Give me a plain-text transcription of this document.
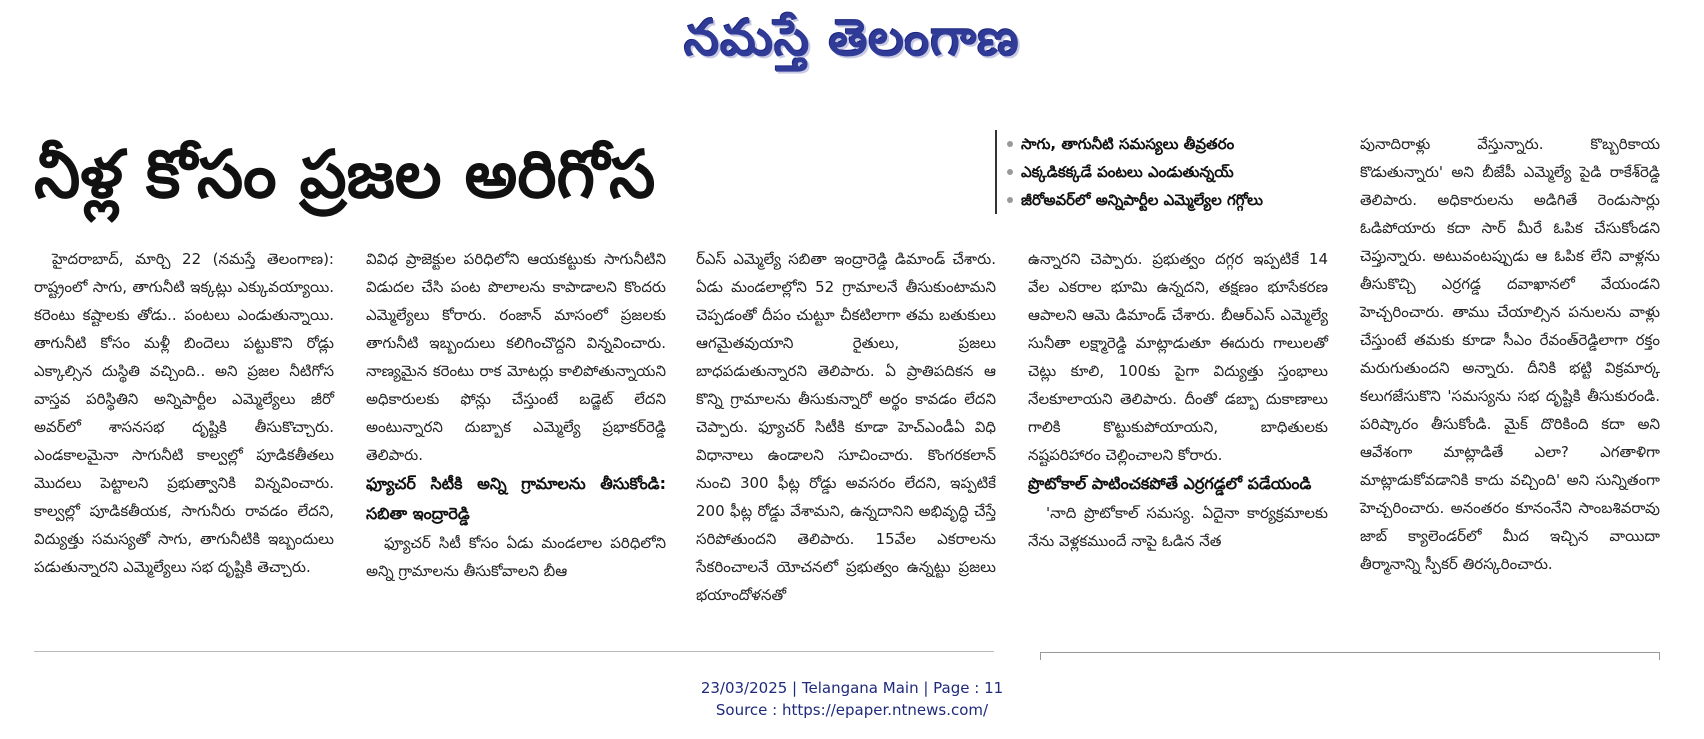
నమస్తే తెలంగాణ
నీళ్ల కోసం ప్రజల అరిగోస	సాగు, తాగునీటి సమస్యలు తీవ్రతరం
ఎక్కడికక్కడే పంటలు ఎండుతున్నయ్
జీరోఅవర్‌లో అన్నిపార్టీల ఎమ్మెల్యేల గగ్గోలు

హైదరాబాద్, మార్చి 22 (నమస్తే తెలంగాణ): రాష్ట్రంలో సాగు, తాగునీటి ఇక్కట్లు ఎక్కువయ్యాయి. కరెంటు కష్టాలకు తోడు.. పంటలు ఎండుతున్నాయి. తాగునీటి కోసం మళ్లీ బిందెలు పట్టుకొని రోడ్లు ఎక్కాల్సిన దుస్థితి వచ్చింది.. అని ప్రజల నీటిగోస వాస్తవ పరిస్థితిని అన్నిపార్టీల ఎమ్మెల్యేలు జీరో అవర్‌లో శాసనసభ దృష్టికి తీసుకొచ్చారు. ఎండకాలమైనా సాగునీటి కాల్వల్లో పూడికతీతలు మొదలు పెట్టాలని ప్రభుత్వానికి విన్నవించారు. కాల్వల్లో పూడికతీయక, సాగునీరు రావడం లేదని, విద్యుత్తు సమస్యతో సాగు, తాగునీటికి ఇబ్బందులు పడుతున్నారని ఎమ్మెల్యేలు సభ దృష్టికి తెచ్చారు.

వివిధ ప్రాజెక్టుల పరిధిలోని ఆయకట్టుకు సాగునీటిని విడుదల చేసి పంట పొలాలను కాపాడాలని కొందరు ఎమ్మెల్యేలు కోరారు. రంజాన్ మాసంలో ప్రజలకు తాగునీటి ఇబ్బందులు కలిగించొద్దని విన్నవించారు. నాణ్యమైన కరెంటు రాక మోటర్లు కాలిపోతున్నాయని అధికారులకు ఫోన్లు చేస్తుంటే బడ్జెట్ లేదని అంటున్నారని దుబ్బాక ఎమ్మెల్యే ప్రభాకర్‌రెడ్డి తెలిపారు.

ఫ్యూచర్ సిటీకి అన్ని గ్రామాలను తీసుకోండి: సబితా ఇంద్రారెడ్డి

ఫ్యూచర్ సిటీ కోసం ఏడు మండలాల పరిధిలోని అన్ని గ్రామాలను తీసుకోవాలని బీఆ

ర్‌ఎస్ ఎమ్మెల్యే సబితా ఇంద్రారెడ్డి డిమాండ్ చేశారు. ఏడు మండలాల్లోని 52 గ్రామాలనే తీసుకుంటామని చెప్పడంతో దీపం చుట్టూ చీకటిలాగా తమ బతుకులు ఆగమైతవుయాని రైతులు, ప్రజలు బాధపడుతున్నారని తెలిపారు. ఏ ప్రాతిపదికన ఆ కొన్ని గ్రామాలను తీసుకున్నారో అర్థం కావడం లేదని చెప్పారు. ఫ్యూచర్ సిటీకి కూడా హెచ్‌ఎండీఏ విధి విధానాలు ఉండాలని సూచించారు. కొంగరకలాన్ నుంచి 300 ఫీట్ల రోడ్డు అవసరం లేదని, ఇప్పటికే 200 ఫీట్ల రోడ్డు వేశామని, ఉన్నదానిని అభివృద్ధి చేస్తే సరిపోతుందని తెలిపారు. 15వేల ఎకరాలను సేకరించాలనే యోచనలో ప్రభుత్వం ఉన్నట్టు ప్రజలు భయాందోళనతో

ఉన్నారని చెప్పారు. ప్రభుత్వం దగ్గర ఇప్పటికే 14 వేల ఎకరాల భూమి ఉన్నదని, తక్షణం భూసేకరణ ఆపాలని ఆమె డిమాండ్ చేశారు. బీఆర్‌ఎస్ ఎమ్మెల్యే సునీతా లక్ష్మారెడ్డి మాట్లాడుతూ ఈదురు గాలులతో చెట్లు కూలి, 100కు పైగా విద్యుత్తు స్తంభాలు నేలకూలాయని తెలిపారు. దీంతో డబ్బా దుకాణాలు గాలికి కొట్టుకుపోయాయని, బాధితులకు నష్టపరిహారం చెల్లించాలని కోరారు.

ప్రొటోకాల్ పాటించకపోతే ఎర్రగడ్డలో పడేయండి

'నాది ప్రొటోకాల్ సమస్య. ఏదైనా కార్యక్రమాలకు నేను వెళ్లకముందే నాపై ఓడిన నేత

పునాదిరాళ్లు వేస్తున్నారు. కొబ్బరికాయ కొడుతున్నారు' అని బీజేపీ ఎమ్మెల్యే పైడి రాకేశ్‌రెడ్డి తెలిపారు. అధికారులను అడిగితే రెండుసార్లు ఓడిపోయారు కదా సార్ మీరే ఓపిక చేసుకోండని చెప్తున్నారు. అటువంటప్పుడు ఆ ఓపిక లేని వాళ్లను తీసుకొచ్చి ఎర్రగడ్డ దవాఖానలో వేయండని హెచ్చరించారు. తాము చేయాల్సిన పనులను వాళ్లు చేస్తుంటే తమకు కూడా సీఎం రేవంత్‌రెడ్డిలాగా రక్తం మరుగుతుందని అన్నారు. దీనికి భట్టి విక్రమార్క కలుగజేసుకొని 'సమస్యను సభ దృష్టికి తీసుకురండి. పరిష్కారం తీసుకోండి. మైక్ దొరికింది కదా అని ఆవేశంగా మాట్లాడితే ఎలా? ఎగతాళిగా మాట్లాడుకోవడానికి కాదు వచ్చింది' అని సున్నితంగా హెచ్చరించారు. అనంతరం కూనంనేని సాంబశివరావు జాబ్ క్యాలెండర్‌లో మీద ఇచ్చిన వాయిదా తీర్మానాన్ని స్పీకర్ తిరస్కరించారు.

23/03/2025 | Telangana Main | Page : 11
Source : https://epaper.ntnews.com/
